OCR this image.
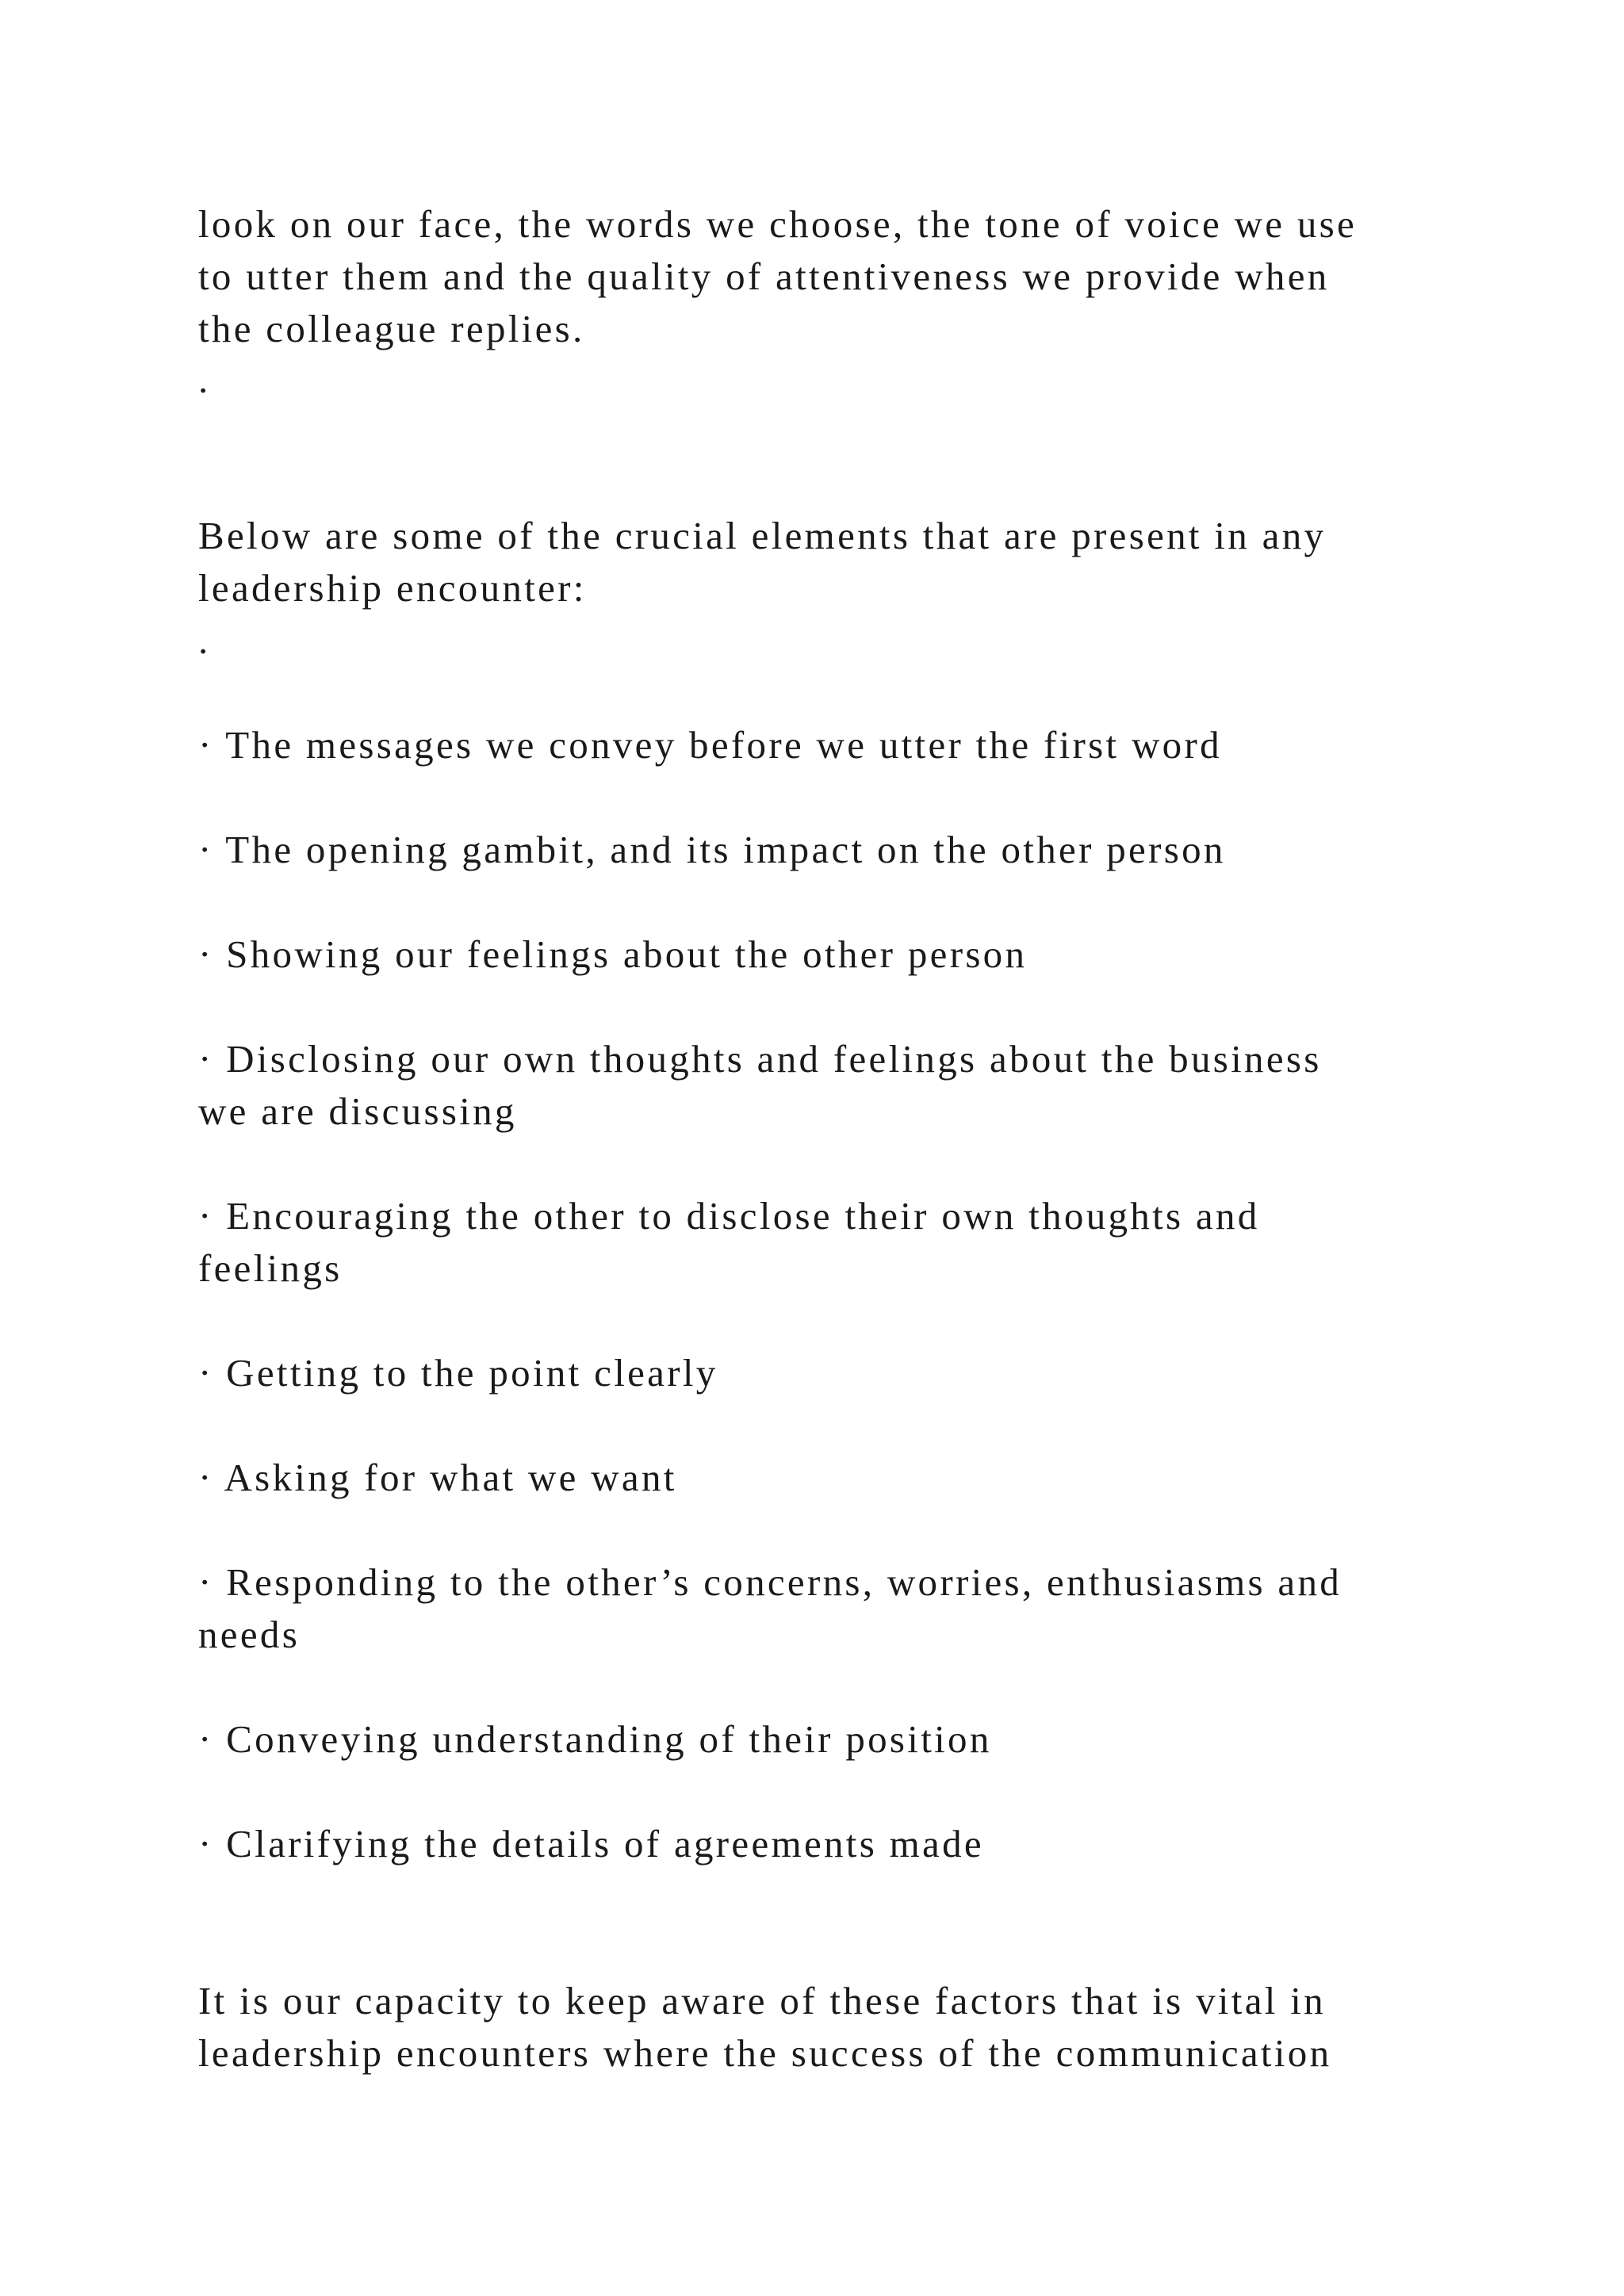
look on our face, the words we choose, the tone of voice we use

to utter them and the quality of attentiveness we provide when

the colleague replies.

.

Below are some of the crucial elements that are present in any

leadership encounter:

.

· The messages we convey before we utter the first word

· The opening gambit, and its impact on the other person

· Showing our feelings about the other person

· Disclosing our own thoughts and feelings about the business

we are discussing

· Encouraging the other to disclose their own thoughts and

feelings

· Getting to the point clearly

· Asking for what we want

· Responding to the other’s concerns, worries, enthusiasms and

needs

· Conveying understanding of their position

· Clarifying the details of agreements made

It is our capacity to keep aware of these factors that is vital in

leadership encounters where the success of the communication
